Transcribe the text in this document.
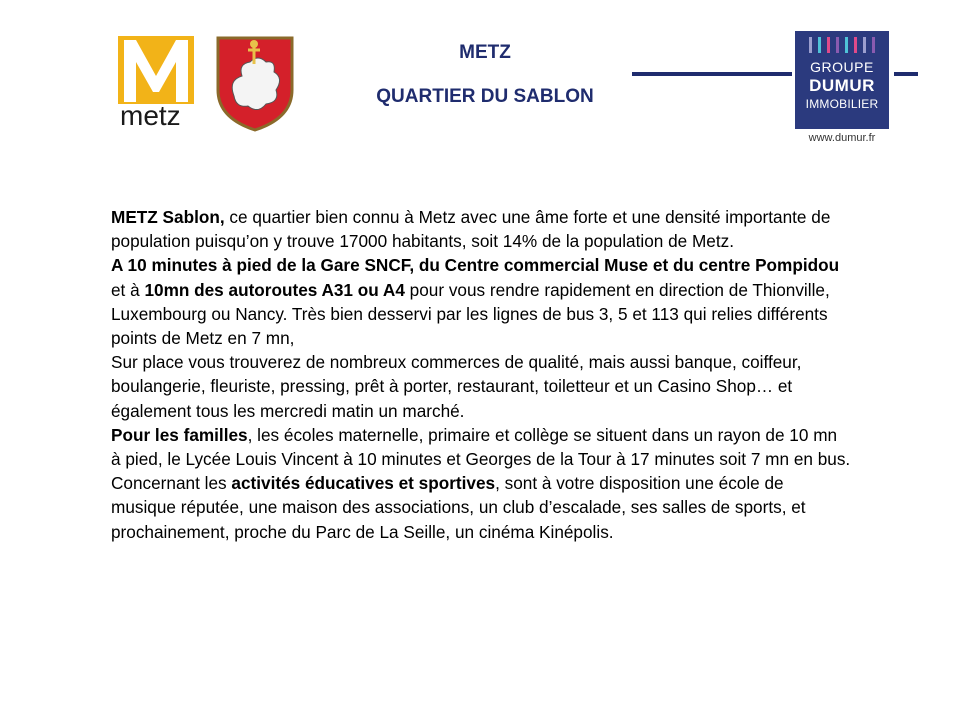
metz
METZ
QUARTIER DU SABLON
GROUPE
DUMUR
IMMOBILIER
www.dumur.fr

METZ Sablon, ce quartier bien connu à Metz avec une âme forte et une densité importante de population puisqu’on y trouve 17000 habitants, soit 14% de la population de Metz.

A 10 minutes à pied de la Gare SNCF, du Centre commercial Muse et du centre Pompidou et à 10mn des autoroutes A31 ou A4 pour vous rendre rapidement en direction de Thionville, Luxembourg ou Nancy. Très bien desservi par les lignes de bus 3, 5 et 113 qui relies différents points de Metz en 7 mn,

Sur place vous trouverez de nombreux commerces de qualité, mais aussi banque, coiffeur, boulangerie, fleuriste, pressing, prêt à porter, restaurant, toiletteur et un Casino Shop… et également tous les mercredi matin un marché.

Pour les familles, les écoles maternelle, primaire et collège se situent dans un rayon de 10 mn à pied, le Lycée Louis Vincent à 10 minutes et Georges de la Tour à 17 minutes soit 7 mn en bus.

Concernant les activités éducatives et sportives, sont à votre disposition une école de musique réputée, une maison des associations, un club d’escalade, ses salles de sports, et prochainement, proche du Parc de La Seille, un cinéma Kinépolis.
